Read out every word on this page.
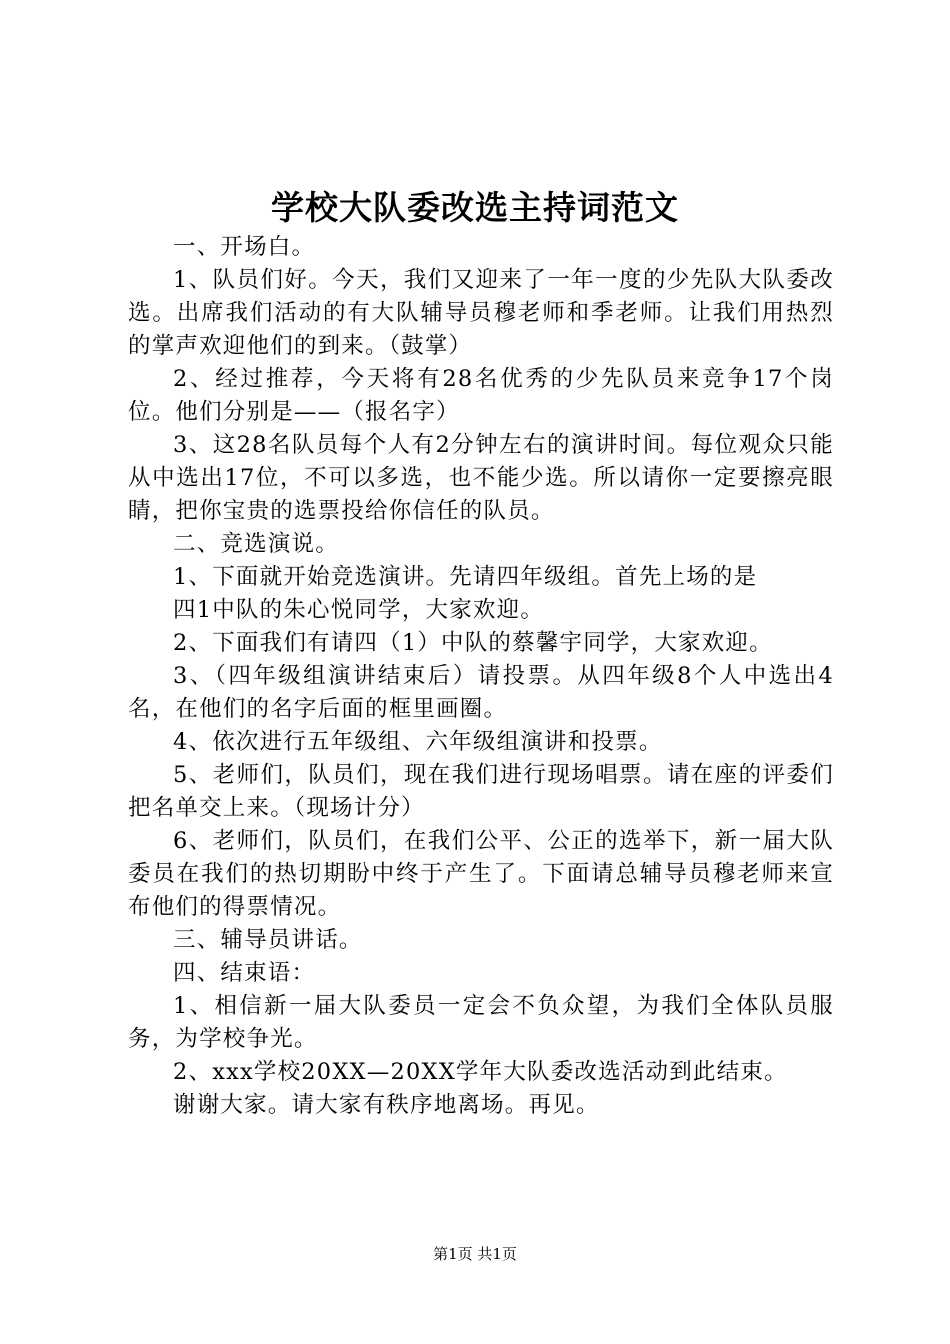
学校大队委改选主持词范文

一、开场白。

1、队员们好。今天，我们又迎来了一年一度的少先队大队委改选。出席我们活动的有大队辅导员穆老师和季老师。让我们用热烈的掌声欢迎他们的到来。（鼓掌）

2、经过推荐，今天将有28名优秀的少先队员来竞争17个岗位。他们分别是——（报名字）

3、这28名队员每个人有2分钟左右的演讲时间。每位观众只能从中选出17位，不可以多选，也不能少选。所以请你一定要擦亮眼睛，把你宝贵的选票投给你信任的队员。

二、竞选演说。

1、下面就开始竞选演讲。先请四年级组。首先上场的是

四1中队的朱心悦同学，大家欢迎。

2、下面我们有请四（1）中队的蔡馨宇同学，大家欢迎。

3、（四年级组演讲结束后）请投票。从四年级8个人中选出4名，在他们的名字后面的框里画圈。

4、依次进行五年级组、六年级组演讲和投票。

5、老师们，队员们，现在我们进行现场唱票。请在座的评委们把名单交上来。（现场计分）

6、老师们，队员们，在我们公平、公正的选举下，新一届大队委员在我们的热切期盼中终于产生了。下面请总辅导员穆老师来宣布他们的得票情况。

三、辅导员讲话。

四、结束语：

1、相信新一届大队委员一定会不负众望，为我们全体队员服务，为学校争光。

2、xxx学校20XX—20XX学年大队委改选活动到此结束。

谢谢大家。请大家有秩序地离场。再见。

第1页 共1页
